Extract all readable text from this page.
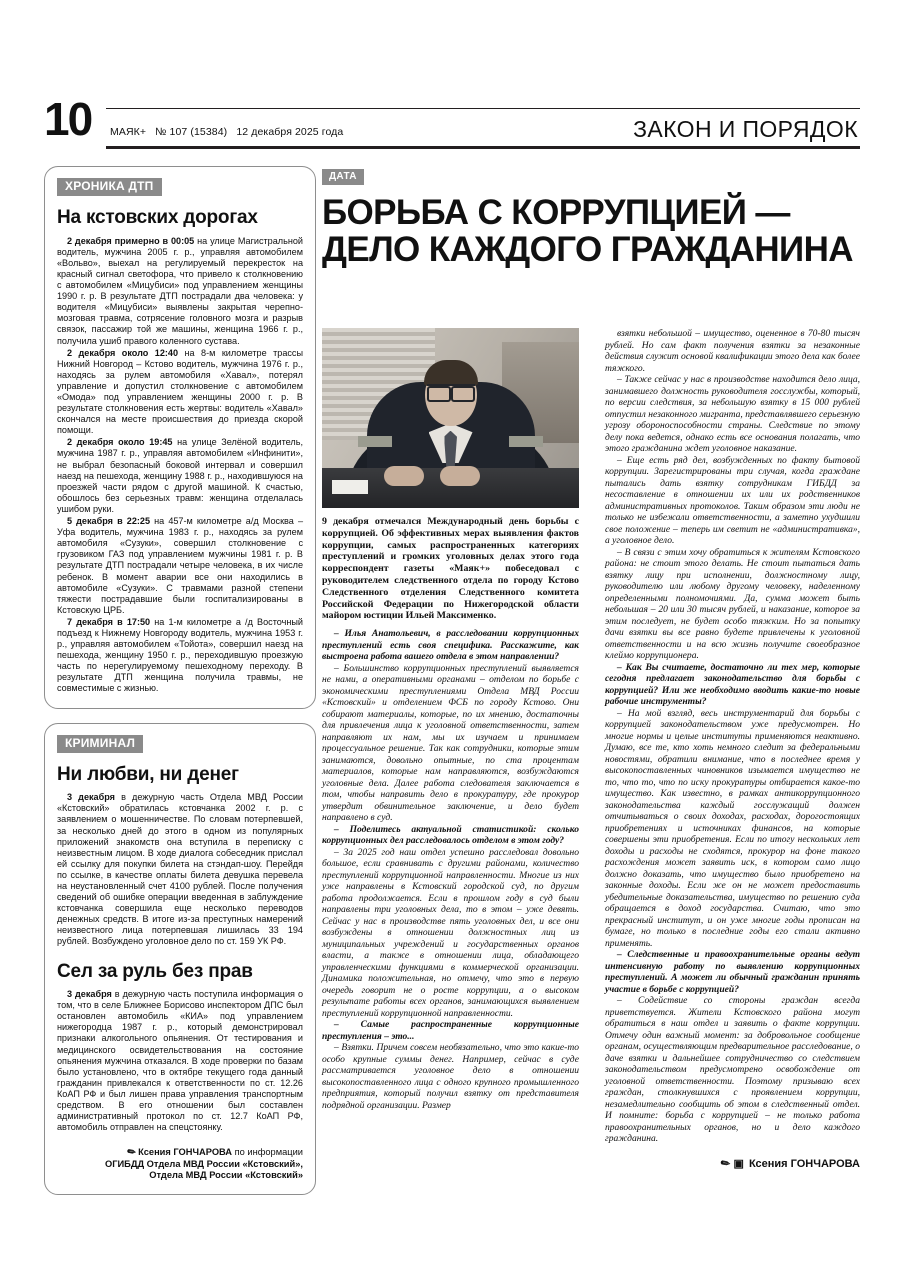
10 МАЯК+ № 107 (15384) 12 декабря 2025 года	ЗАКОН И ПОРЯДОК
ХРОНИКА ДТП
На кстовских дорогах

2 декабря примерно в 00:05 на улице Магистральной водитель, мужчина 2005 г. р., управляя автомобилем «Вольво», выехал на регулируемый перекресток на красный сигнал светофора, что привело к столкновению с автомобилем «Мицубиси» под управлением женщины 1990 г. р. В результате ДТП пострадали два человека: у водителя «Мицубиси» выявлены закрытая черепно-мозговая травма, сотрясение головного мозга и разрыв связок, пассажир той же машины, женщина 1966 г. р., получила ушиб правого коленного сустава.

2 декабря около 12:40 на 8-м километре трассы Нижний Новгород – Кстово водитель, мужчина 1976 г. р., находясь за рулем автомобиля «Хавал», потерял управление и допустил столкновение с автомобилем «Омода» под управлением женщины 2000 г. р. В результате столкновения есть жертвы: водитель «Хавал» скончался на месте происшествия до приезда скорой помощи.

2 декабря около 19:45 на улице Зелёной водитель, мужчина 1987 г. р., управляя автомобилем «Инфинити», не выбрал безопасный боковой интервал и совершил наезд на пешехода, женщину 1988 г. р., находившуюся на проезжей части рядом с другой машиной. К счастью, обошлось без серьезных травм: женщина отделалась ушибом руки.

5 декабря в 22:25 на 457-м километре а/д Москва – Уфа водитель, мужчина 1983 г. р., находясь за рулем автомобиля «Сузуки», совершил столкновение с грузовиком ГАЗ под управлением мужчины 1981 г. р. В результате ДТП пострадали четыре человека, в их числе ребенок. В момент аварии все они находились в автомобиле «Сузуки». С травмами разной степени тяжести пострадавшие были госпитализированы в Кстовскую ЦРБ.

7 декабря в 17:50 на 1-м километре а /д Восточный подъезд к Нижнему Новгороду водитель, мужчина 1953 г. р., управляя автомобилем «Тойота», совершил наезд на пешехода, женщину 1950 г. р., переходившую проезжую часть по нерегулируемому пешеходному переходу. В результате ДТП женщина получила травмы, не совместимые с жизнью.

КРИМИНАЛ
Ни любви, ни денег

3 декабря в дежурную часть Отдела МВД России «Кстовский» обратилась кстовчанка 2002 г. р. с заявлением о мошенничестве. По словам потерпевшей, за несколько дней до этого в одном из популярных приложений знакомств она вступила в переписку с неизвестным лицом. В ходе диалога собеседник прислал ей ссылку для покупки билета на стэндап-шоу. Перейдя по ссылке, в качестве оплаты билета девушка перевела на неустановленный счет 4100 рублей. После получения сведений об ошибке операции введенная в заблуждение кстовчанка совершила еще несколько переводов денежных средств. В итоге из-за преступных намерений неизвестного лица потерпевшая лишилась 33 194 рублей. Возбуждено уголовное дело по ст. 159 УК РФ.

Сел за руль без прав

3 декабря в дежурную часть поступила информация о том, что в селе Ближнее Борисово инспектором ДПС был остановлен автомобиль «КИА» под управлением нижегородца 1987 г. р., который демонстрировал признаки алкогольного опьянения. От тестирования и медицинского освидетельствования на состояние опьянения мужчина отказался. В ходе проверки по базам было установлено, что в октябре текущего года данный гражданин привлекался к ответственности по ст. 12.26 КоАП РФ и был лишен права управления транспортным средством. В его отношении был составлен административный протокол по ст. 12.7 КоАП РФ, автомобиль отправлен на спецстоянку.

✎Ксения ГОНЧАРОВА по информации
ОГИБДД Отдела МВД России «Кстовский»,
Отдела МВД России «Кстовский»
ДАТА
БОРЬБА С КОРРУПЦИЕЙ —
ДЕЛО КАЖДОГО ГРАЖДАНИНА

9 декабря отмечался Международный день борьбы с коррупцией. Об эффективных мерах выявления фактов коррупции, самых распространенных категориях преступлений и громких уголовных делах этого года корреспондент газеты «Маяк+» побеседовал с руководителем следственного отдела по городу Кстово Следственного отделения Следственного комитета Российской Федерации по Нижегородской области майором юстиции Ильей Максименко.

– Илья Анатольевич, в расследовании коррупционных преступлений есть своя специфика. Расскажите, как выстроена работа вашего отдела в этом направлении?

– Большинство коррупционных преступлений выявляется не нами, а оперативными органами – отделом по борьбе с экономическими преступлениями Отдела МВД России «Кстовский» и отделением ФСБ по городу Кстово. Они собирают материалы, которые, по их мнению, достаточны для привлечения лица к уголовной ответственности, затем направляют их нам, мы их изучаем и принимаем процессуальное решение. Так как сотрудники, которые этим занимаются, довольно опытные, по ста процентам материалов, которые нам направляются, возбуждаются уголовные дела. Далее работа следователя заключается в том, чтобы направить дело в прокуратуру, где прокурор утвердит обвинительное заключение, и дело будет направлено в суд.

– Поделитесь актуальной статистикой: сколько коррупционных дел расследовалось отделом в этом году?

– За 2025 год наш отдел успешно расследовал довольно большое, если сравнивать с другими районами, количество преступлений коррупционной направленности. Многие из них уже направлены в Кстовский городской суд, по другим работа продолжается. Если в прошлом году в суд были направлены три уголовных дела, то в этом – уже девять. Сейчас у нас в производстве пять уголовных дел, и все они возбуждены в отношении должностных лиц из муниципальных учреждений и государственных органов власти, а также в отношении лица, обладающего управленческими функциями в коммерческой организации. Динамика положительная, но отмечу, что это в первую очередь говорит не о росте коррупции, а о высоком результате работы всех органов, занимающихся выявлением преступлений коррупционной направленности.

– Самые распространенные коррупционные преступления – это...

– Взятки. Причем совсем необязательно, что это какие-то особо крупные суммы денег. Например, сейчас в суде рассматривается уголовное дело в отношении высокопоставленного лица с одного крупного промышленного предприятия, который получил взятку от представителя подрядной организации. Размер

взятки небольшой – имущество, оцененное в 70-80 тысяч рублей. Но сам факт получения взятки за незаконные действия служит основой квалификации этого дела как более тяжкого.

– Также сейчас у нас в производстве находится дело лица, занимавшего должность руководителя госслужбы, который, по версии следствия, за небольшую взятку в 15 000 рублей отпустил незаконного мигранта, представлявшего серьезную угрозу обороноспособности страны. Следствие по этому делу пока ведется, однако есть все основания полагать, что этого гражданина ждет уголовное наказание.

– Еще есть ряд дел, возбужденных по факту бытовой коррупции. Зарегистрированы три случая, когда граждане пытались дать взятку сотрудникам ГИБДД за несоставление в отношении их или их родственников административных протоколов. Таким образом эти люди не только не избежали ответственности, а заметно ухудшили свое положение – теперь им светит не «административка», а уголовное дело.

– В связи с этим хочу обратиться к жителям Кстовского района: не стоит этого делать. Не стоит пытаться дать взятку лицу при исполнении, должностному лицу, руководителю или любому другому человеку, наделенному определенными полномочиями. Да, сумма может быть небольшая – 20 или 30 тысяч рублей, и наказание, которое за этим последует, не будет особо тяжким. Но за попытку дачи взятки вы все равно будете привлечены к уголовной ответственности и на всю жизнь получите своеобразное клеймо коррупционера.

– Как Вы считаете, достаточно ли тех мер, которые сегодня предлагает законодательство для борьбы с коррупцией? Или же необходимо вводить какие-то новые рабочие инструменты?

– На мой взгляд, весь инструментарий для борьбы с коррупцией законодательством уже предусмотрен. Но многие нормы и целые институты применяются неактивно. Думаю, все те, кто хоть немного следит за федеральными новостями, обратили внимание, что в последнее время у высокопоставленных чиновников изымается имущество не то, что то, что по иску прокуратуры отбирается какое-то имущество. Как известно, в рамках антикоррупционного законодательства каждый госслужащий должен отчитываться о своих доходах, расходах, дорогостоящих приобретениях и источниках финансов, на которые совершены эти приобретения. Если по итогу нескольких лет доходы и расходы не сходятся, прокурор на фоне такого расхождения может заявить иск, в котором само лицо должно доказать, что имущество было приобретено на законные доходы. Если же он не может предоставить убедительные доказательства, имущество по решению суда обращается в доход государства. Считаю, что это прекрасный институт, и он уже многие годы прописан на бумаге, но только в последние годы его стали активно применять.

– Следственные и правоохранительные органы ведут интенсивную работу по выявлению коррупционных преступлений. А может ли обычный гражданин принять участие в борьбе с коррупцией?

– Содействие со стороны граждан всегда приветствуется. Жители Кстовского района могут обратиться в наш отдел и заявить о факте коррупции. Отмечу один важный момент: за добровольное сообщение органам, осуществляющим предварительное расследование, о даче взятки и дальнейшее сотрудничество со следствием законодательством предусмотрено освобождение от уголовной ответственности. Поэтому призываю всех граждан, столкнувшихся с проявлением коррупции, незамедлительно сообщить об этом в следственный отдел. И помните: борьба с коррупцией – не только работа правоохранительных органов, но и дело каждого гражданина.

✎▣ Ксения ГОНЧАРОВА
